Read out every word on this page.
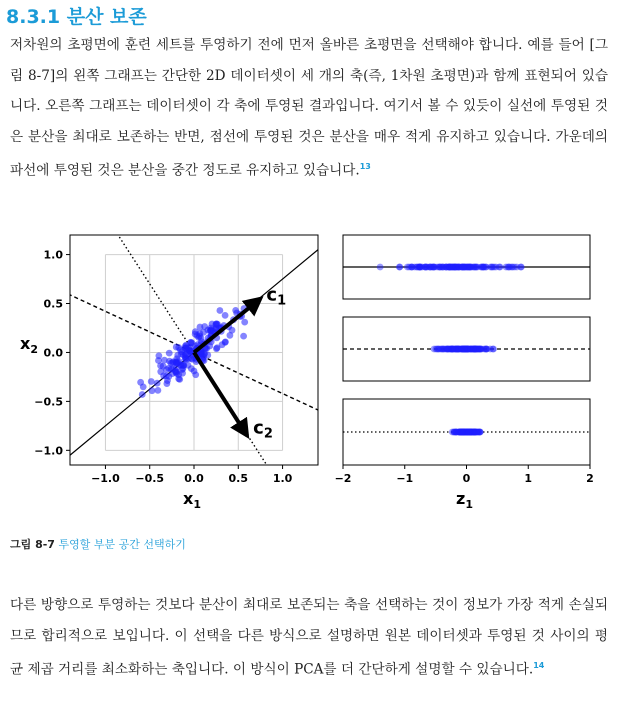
8.3.1 분산 보존
저차원의 초평면에 훈련 세트를 투영하기 전에 먼저 올바른 초평면을 선택해야 합니다. 예를 들어 [그림 8-7]의 왼쪽 그래프는 간단한 2D 데이터셋이 세 개의 축(즉, 1차원 초평면)과 함께 표현되어 있습니다. 오른쪽 그래프는 데이터셋이 각 축에 투영된 결과입니다. 여기서 볼 수 있듯이 실선에 투영된 것은 분산을 최대로 보존하는 반면, 점선에 투영된 것은 분산을 매우 적게 유지하고 있습니다. 가운데의 파선에 투영된 것은 분산을 중간 정도로 유지하고 있습니다.$^{13}$
−1.0
−1.0
−0.5
−0.5
0.0
0.0
0.5
0.5
1.0
1.0
$c_1$
$c_2$
$x_1$
$x_2$
−2	−1	0	1	2
$z_1$
그림 8-7 투영할 부분 공간 선택하기
다른 방향으로 투영하는 것보다 분산이 최대로 보존되는 축을 선택하는 것이 정보가 가장 적게 손실되므로 합리적으로 보입니다. 이 선택을 다른 방식으로 설명하면 원본 데이터셋과 투영된 것 사이의 평균 제곱 거리를 최소화하는 축입니다. 이 방식이 PCA를 더 간단하게 설명할 수 있습니다.$^{14}$
